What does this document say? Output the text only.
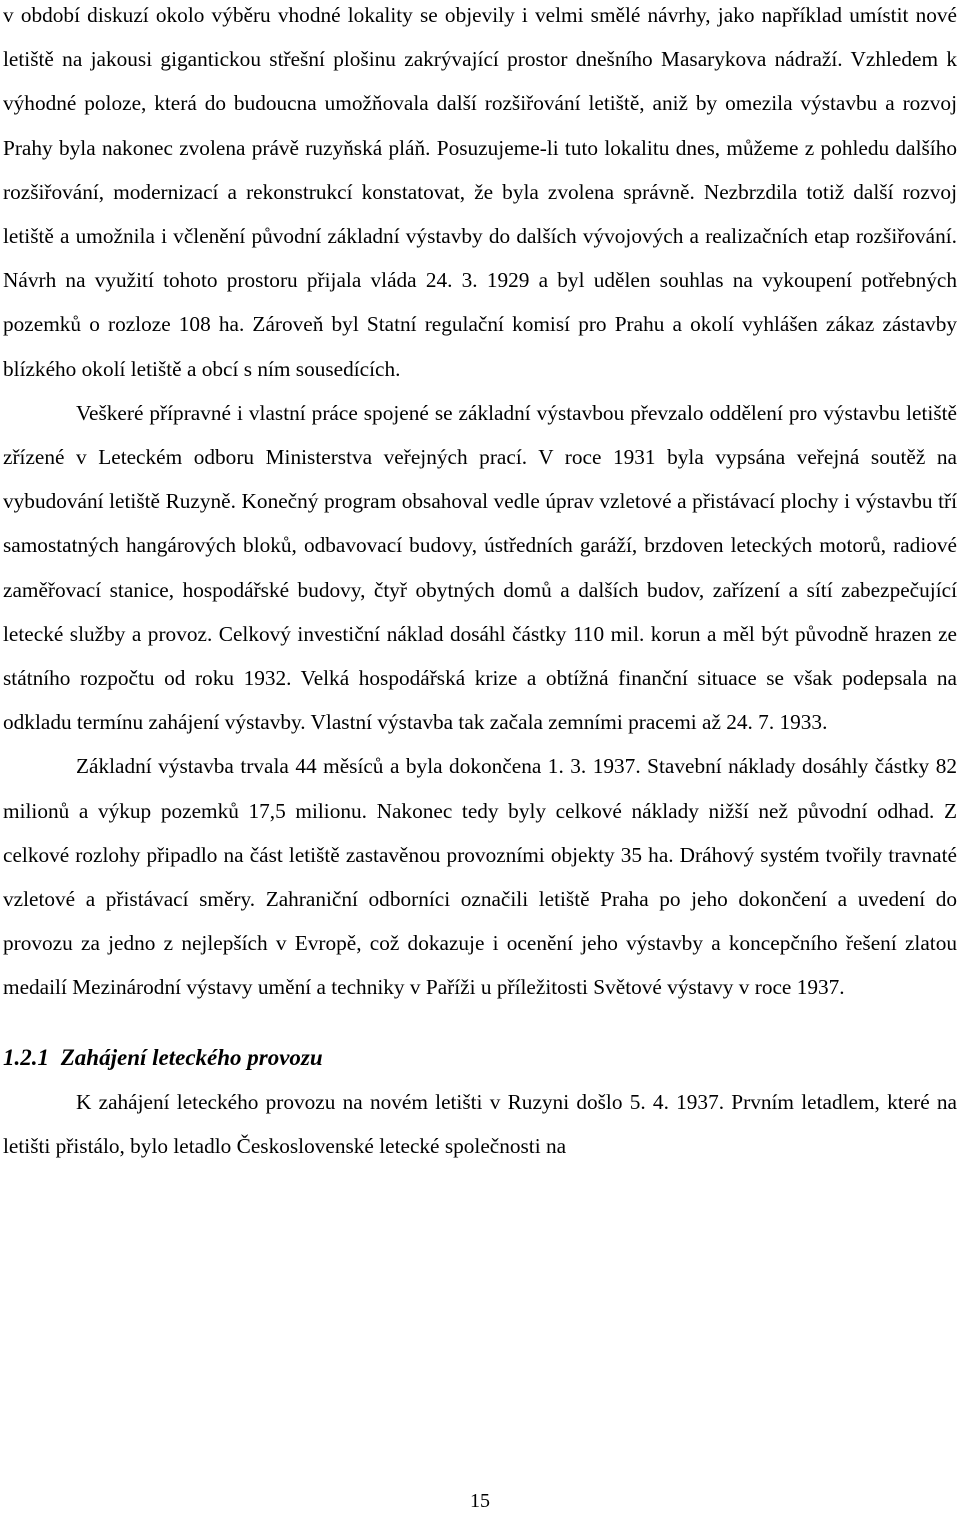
v období diskuzí okolo výběru vhodné lokality se objevily i velmi smělé návrhy, jako například umístit nové letiště na jakousi gigantickou střešní plošinu zakrývající prostor dnešního Masarykova nádraží. Vzhledem k výhodné poloze, která do budoucna umožňovala další rozšiřování letiště, aniž by omezila výstavbu a rozvoj Prahy byla nakonec zvolena právě ruzyňská pláň. Posuzujeme-li tuto lokalitu dnes, můžeme z pohledu dalšího rozšiřování, modernizací a rekonstrukcí konstatovat, že byla zvolena správně. Nezbrzdila totiž další rozvoj letiště a umožnila i včlenění původní základní výstavby do dalších vývojových a realizačních etap rozšiřování. Návrh na využití tohoto prostoru přijala vláda 24. 3. 1929 a byl udělen souhlas na vykoupení potřebných pozemků o rozloze 108 ha. Zároveň byl Statní regulační komisí pro Prahu a okolí vyhlášen zákaz zástavby blízkého okolí letiště a obcí s ním sousedících.

Veškeré přípravné i vlastní práce spojené se základní výstavbou převzalo oddělení pro výstavbu letiště zřízené v Leteckém odboru Ministerstva veřejných prací. V roce 1931 byla vypsána veřejná soutěž na vybudování letiště Ruzyně. Konečný program obsahoval vedle úprav vzletové a přistávací plochy i výstavbu tří samostatných hangárových bloků, odbavovací budovy, ústředních garáží, brzdoven leteckých motorů, radiové zaměřovací stanice, hospodářské budovy, čtyř obytných domů a dalších budov, zařízení a sítí zabezpečující letecké služby a provoz. Celkový investiční náklad dosáhl částky 110 mil. korun a měl být původně hrazen ze státního rozpočtu od roku 1932. Velká hospodářská krize a obtížná finanční situace se však podepsala na odkladu termínu zahájení výstavby. Vlastní výstavba tak začala zemními pracemi až 24. 7. 1933.

Základní výstavba trvala 44 měsíců a byla dokončena 1. 3. 1937. Stavební náklady dosáhly částky 82 milionů a výkup pozemků 17,5 milionu. Nakonec tedy byly celkové náklady nižší než původní odhad. Z celkové rozlohy připadlo na část letiště zastavěnou provozními objekty 35 ha. Dráhový systém tvořily travnaté vzletové a přistávací směry. Zahraniční odborníci označili letiště Praha po jeho dokončení a uvedení do provozu za jedno z nejlepších v Evropě, což dokazuje i ocenění jeho výstavby a koncepčního řešení zlatou medailí Mezinárodní výstavy umění a techniky v Paříži u příležitosti Světové výstavy v roce 1937.

1.2.1 Zahájení leteckého provozu

K zahájení leteckého provozu na novém letišti v Ruzyni došlo 5. 4. 1937. Prvním letadlem, které na letišti přistálo, bylo letadlo Československé letecké společnosti na

15
